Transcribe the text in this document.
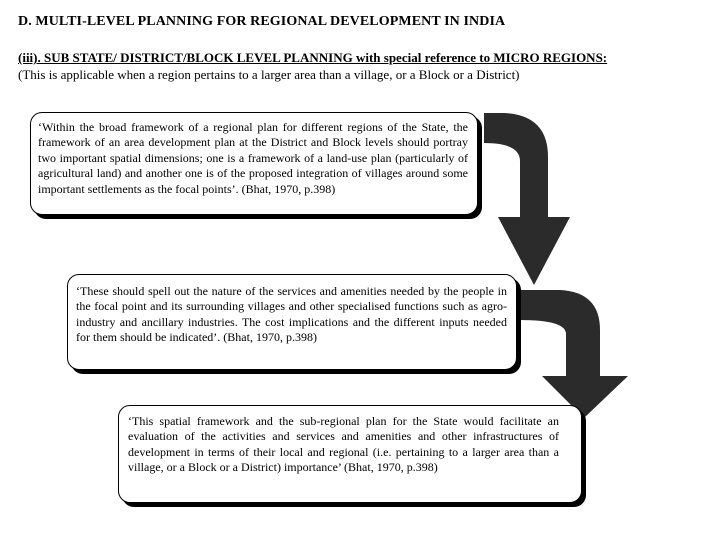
D. MULTI-LEVEL PLANNING FOR REGIONAL DEVELOPMENT IN INDIA
(iii). SUB STATE/ DISTRICT/BLOCK LEVEL PLANNING with special reference to MICRO REGIONS:
(This is applicable when a region pertains to a larger area than a village, or a Block or a District)

‘Within the broad framework of a regional plan for different regions of the State, the framework of an area development plan at the District and Block levels should portray two important spatial dimensions; one is a framework of a land-use plan (particularly of agricultural land) and another one is of the proposed integration of villages around some important settlements as the focal points’. (Bhat, 1970, p.398)

‘These should spell out the nature of the services and amenities needed by the people in the focal point and its surrounding villages and other specialised functions such as agro-industry and ancillary industries. The cost implications and the different inputs needed for them should be indicated’. (Bhat, 1970, p.398)

‘This spatial framework and the sub-regional plan for the State would facilitate an evaluation of the activities and services and amenities and other infrastructures of development in terms of their local and regional (i.e. pertaining to a larger area than a village, or a Block or a District) importance’ (Bhat, 1970, p.398)
